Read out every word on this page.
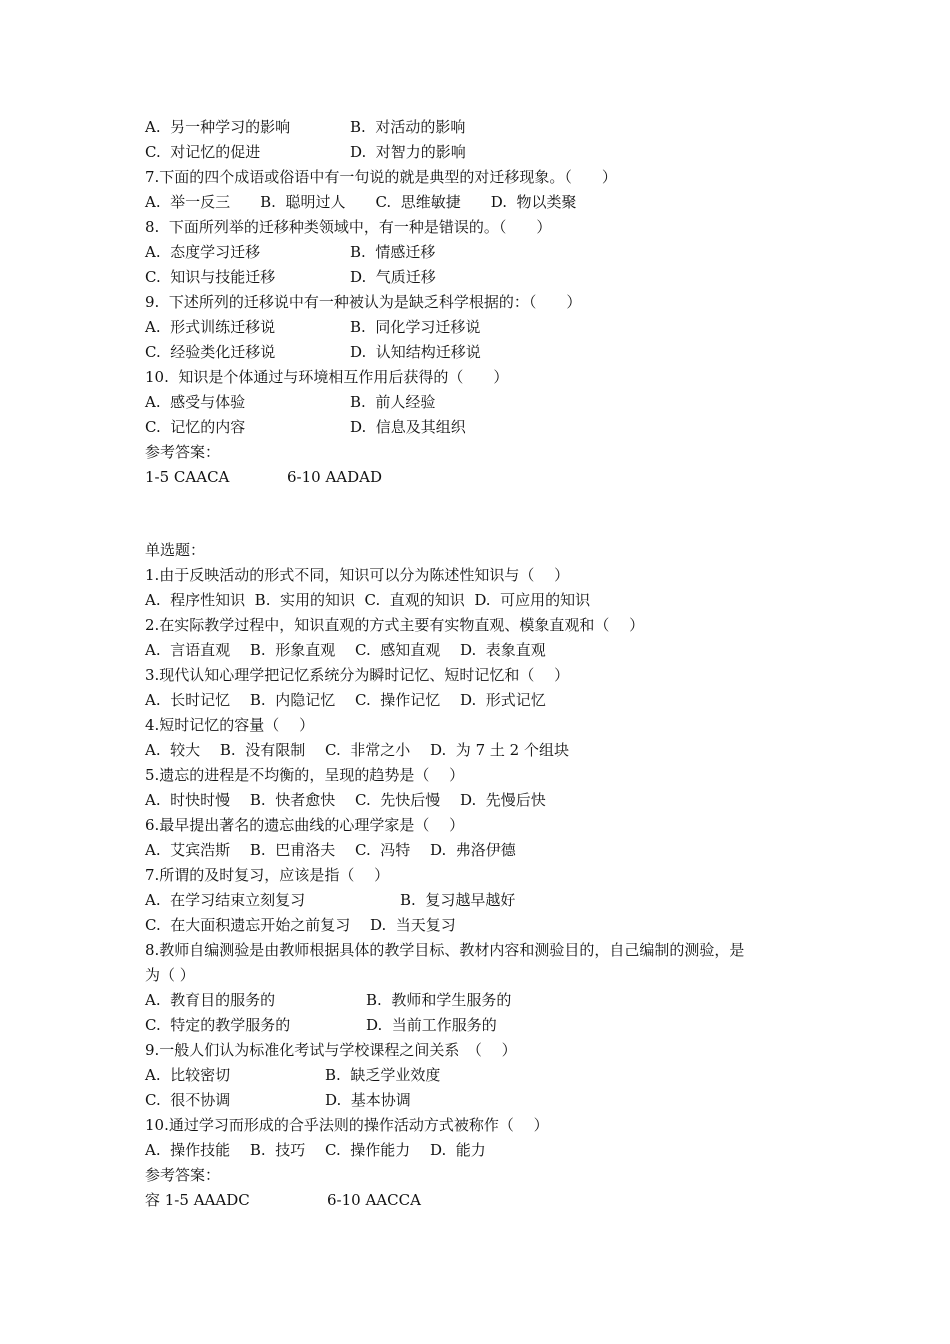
A.  另一种学习的影响	B.  对活动的影响
C.  对记忆的促进	D.  对智力的影响
7.下面的四个成语或俗语中有一句说的就是典型的对迁移现象。（　　）
A.  举一反三　　B.  聪明过人　　C.  思维敏捷　　D.  物以类聚
8.  下面所列举的迁移种类领域中，有一种是错误的。（　　）
A.  态度学习迁移	B.  情感迁移
C.  知识与技能迁移	D.  气质迁移
9.  下述所列的迁移说中有一种被认为是缺乏科学根据的：（　　）
A.  形式训练迁移说	B.  同化学习迁移说
C.  经验类化迁移说	D.  认知结构迁移说
10.  知识是个体通过与环境相互作用后获得的（　　）
A.  感受与体验	B.  前人经验
C.  记忆的内容	D.  信息及其组织
参考答案：
1-5 CAACA	6-10 AADAD
单选题：
1.由于反映活动的形式不同，知识可以分为陈述性知识与（　 ）
A.  程序性知识  B.  实用的知识  C.  直观的知识  D.  可应用的知识
2.在实际教学过程中，知识直观的方式主要有实物直观、模象直观和（　 ）
A.  言语直观　 B.  形象直观　 C.  感知直观　 D.  表象直观
3.现代认知心理学把记忆系统分为瞬时记忆、短时记忆和（　 ）
A.  长时记忆　 B.  内隐记忆　 C.  操作记忆　 D.  形式记忆
4.短时记忆的容量（　 ）
A.  较大　 B.  没有限制　 C.  非常之小　 D.  为 7 土 2 个组块
5.遗忘的进程是不均衡的，呈现的趋势是（　 ）
A.  时快时慢　 B.  快者愈快　 C.  先快后慢　 D.  先慢后快
6.最早提出著名的遗忘曲线的心理学家是（　 ）
A.  艾宾浩斯　 B.  巴甫洛夫　 C.  冯特　 D.  弗洛伊德
7.所谓的及时复习，应该是指（　 ）
A.  在学习结束立刻复习	B.  复习越早越好
C.  在大面积遗忘开始之前复习　 D.  当天复习
8.教师自编测验是由教师根据具体的教学目标、教材内容和测验目的，自己编制的测验，是
为（ ）
A.  教育目的服务的	B.  教师和学生服务的
C.  特定的教学服务的	D.  当前工作服务的
9.一般人们认为标准化考试与学校课程之间关系　（　 ）
A.  比较密切	B.  缺乏学业效度
C.  很不协调	D.  基本协调
10.通过学习而形成的合乎法则的操作活动方式被称作（　 ）
A.  操作技能　 B.  技巧　 C.  操作能力　 D.  能力
参考答案：
容 1-5 AAADC	6-10 AACCA
